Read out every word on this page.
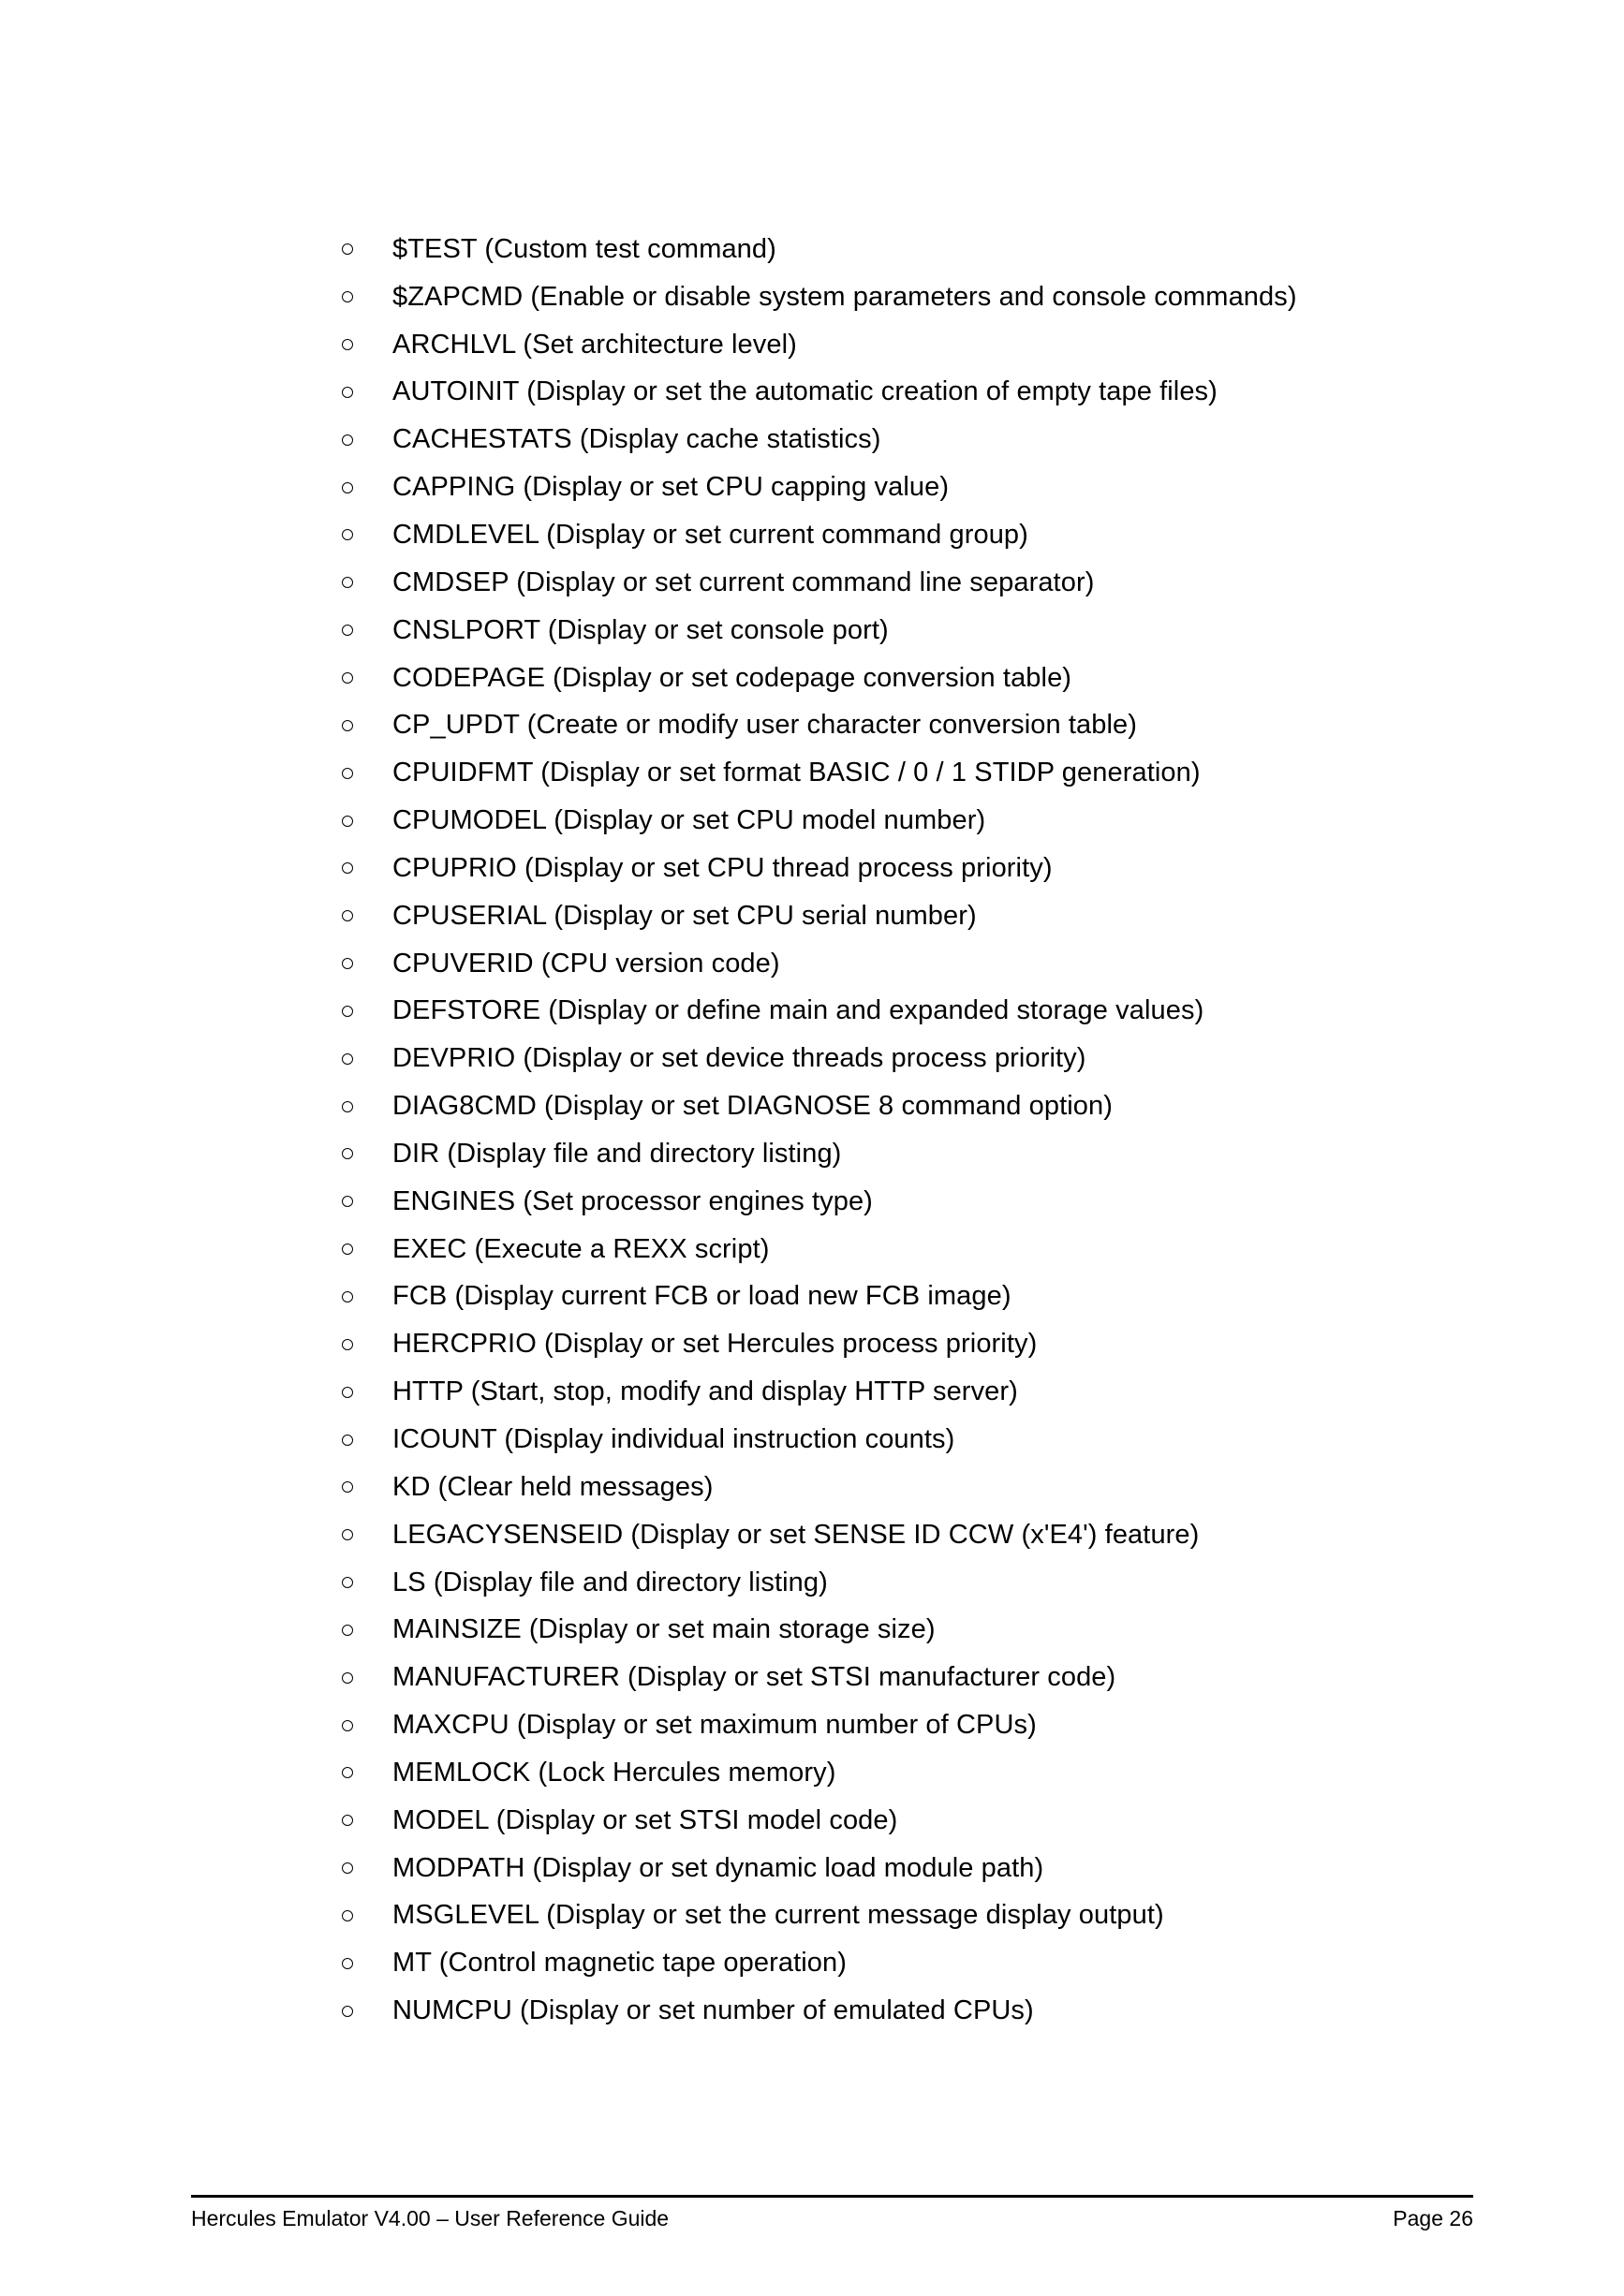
$TEST (Custom test command)
$ZAPCMD (Enable or disable system parameters and console commands)
ARCHLVL (Set architecture level)
AUTOINIT (Display or set the automatic creation of empty tape files)
CACHESTATS (Display cache statistics)
CAPPING (Display or set CPU capping value)
CMDLEVEL (Display or set current command group)
CMDSEP (Display or set current command line separator)
CNSLPORT (Display or set console port)
CODEPAGE (Display or set codepage conversion table)
CP_UPDT (Create or modify user character conversion table)
CPUIDFMT (Display or set format BASIC / 0 / 1 STIDP generation)
CPUMODEL (Display or set CPU model number)
CPUPRIO (Display or set CPU thread process priority)
CPUSERIAL (Display or set CPU serial number)
CPUVERID (CPU version code)
DEFSTORE (Display or define main and expanded storage values)
DEVPRIO (Display or set device threads process priority)
DIAG8CMD (Display or set DIAGNOSE 8 command option)
DIR (Display file and directory listing)
ENGINES (Set processor engines type)
EXEC (Execute a REXX script)
FCB (Display current FCB or load new FCB image)
HERCPRIO (Display or set Hercules process priority)
HTTP (Start, stop, modify and display HTTP server)
ICOUNT (Display individual instruction counts)
KD (Clear held messages)
LEGACYSENSEID (Display or set SENSE ID CCW (x'E4') feature)
LS (Display file and directory listing)
MAINSIZE (Display or set main storage size)
MANUFACTURER (Display or set STSI manufacturer code)
MAXCPU (Display or set maximum number of CPUs)
MEMLOCK (Lock Hercules memory)
MODEL (Display or set STSI model code)
MODPATH (Display or set dynamic load module path)
MSGLEVEL (Display or set the current message display output)
MT (Control magnetic tape operation)
NUMCPU (Display or set number of emulated CPUs)
Hercules Emulator V4.00 – User Reference Guide	Page 26
